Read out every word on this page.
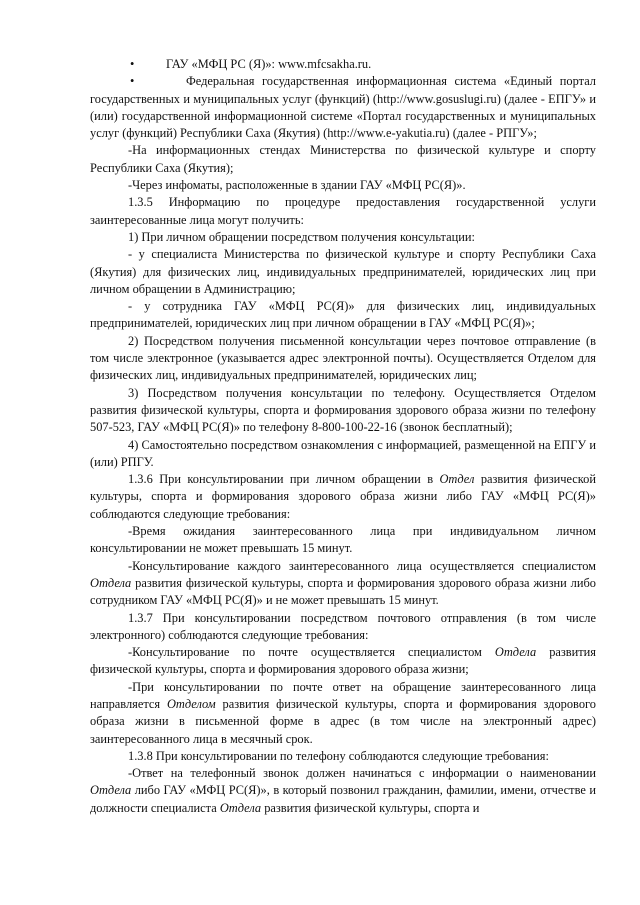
•	ГАУ «МФЦ РС (Я)»: www.mfcsakha.ru.

•	Федеральная государственная информационная система «Единый портал государственных и муниципальных услуг (функций) (http://www.gosuslugi.ru) (далее - ЕПГУ» и (или) государственной информационной системе «Портал государственных и муниципальных услуг (функций) Республики Саха (Якутия) (http://www.e-yakutia.ru) (далее - РПГУ»;

-На информационных стендах Министерства по физической культуре и спорту Республики Саха (Якутия);

-Через инфоматы, расположенные в здании ГАУ «МФЦ РС(Я)».

1.3.5 Информацию по процедуре предоставления государственной услуги заинтересованные лица могут получить:

1) При личном обращении посредством получения консультации:

- у специалиста Министерства по физической культуре и спорту Республики Саха (Якутия) для физических лиц, индивидуальных предпринимателей, юридических лиц при личном обращении в Администрацию;

- у сотрудника ГАУ «МФЦ РС(Я)» для физических лиц, индивидуальных предпринимателей, юридических лиц при личном обращении в ГАУ «МФЦ РС(Я)»;

2) Посредством получения письменной консультации через почтовое отправление (в том числе электронное (указывается адрес электронной почты). Осуществляется Отделом для физических лиц, индивидуальных предпринимателей, юридических лиц;

3) Посредством получения консультации по телефону. Осуществляется Отделом развития физической культуры, спорта и формирования здорового образа жизни по телефону 507-523, ГАУ «МФЦ РС(Я)» по телефону 8-800-100-22-16 (звонок бесплатный);

4) Самостоятельно посредством ознакомления с информацией, размещенной на ЕПГУ и (или) РПГУ.

1.3.6 При консультировании при личном обращении в Отдел развития физической культуры, спорта и формирования здорового образа жизни либо ГАУ «МФЦ РС(Я)» соблюдаются следующие требования:

-Время ожидания заинтересованного лица при индивидуальном личном консультировании не может превышать 15 минут.

-Консультирование каждого заинтересованного лица осуществляется специалистом Отдела развития физической культуры, спорта и формирования здорового образа жизни либо сотрудником ГАУ «МФЦ РС(Я)» и не может превышать 15 минут.

1.3.7 При консультировании посредством почтового отправления (в том числе электронного) соблюдаются следующие требования:

-Консультирование по почте осуществляется специалистом Отдела развития физической культуры, спорта и формирования здорового образа жизни;

-При консультировании по почте ответ на обращение заинтересованного лица направляется Отделом развития физической культуры, спорта и формирования здорового образа жизни в письменной форме в адрес (в том числе на электронный адрес) заинтересованного лица в месячный срок.

1.3.8 При консультировании по телефону соблюдаются следующие требования:

-Ответ на телефонный звонок должен начинаться с информации о наименовании Отдела либо ГАУ «МФЦ РС(Я)», в который позвонил гражданин, фамилии, имени, отчестве и должности специалиста Отдела развития физической культуры, спорта и
